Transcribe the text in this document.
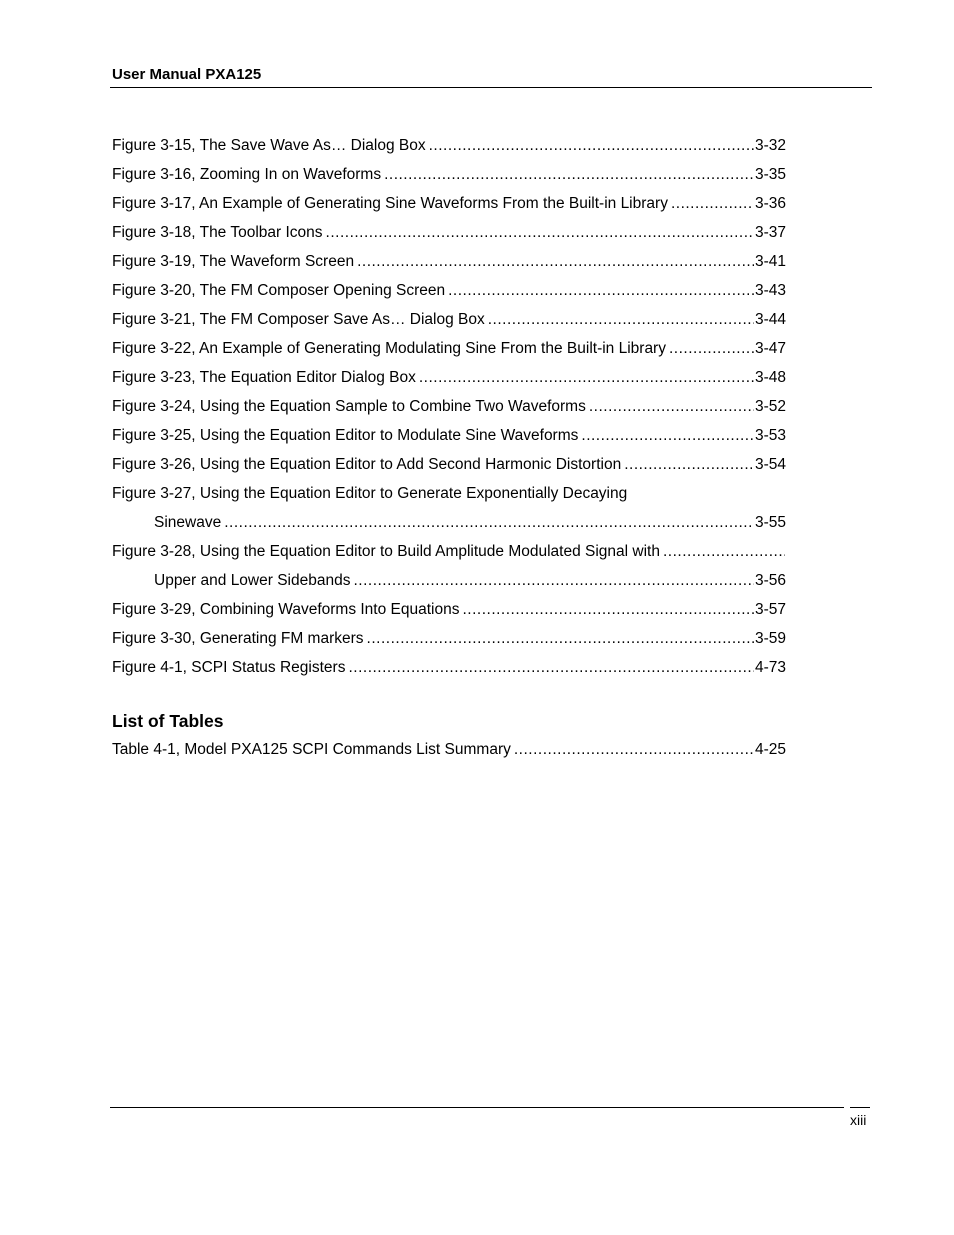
User Manual PXA125
Figure 3-15, The Save Wave As… Dialog Box .....	3-32
Figure 3-16, Zooming In on Waveforms .....	3-35
Figure 3-17, An Example of Generating Sine Waveforms From the Built-in Library .....	3-36
Figure 3-18, The Toolbar Icons .....	3-37
Figure 3-19, The Waveform Screen .....	3-41
Figure 3-20, The FM Composer Opening Screen .....	3-43
Figure 3-21, The FM Composer Save As… Dialog Box .....	3-44
Figure 3-22, An Example of Generating Modulating Sine From the Built-in Library .....	3-47
Figure 3-23, The Equation Editor Dialog Box .....	3-48
Figure 3-24, Using the Equation Sample to Combine Two Waveforms .....	3-52
Figure 3-25, Using the Equation Editor to Modulate Sine Waveforms .....	3-53
Figure 3-26, Using the Equation Editor to Add Second Harmonic Distortion .....	3-54
Figure 3-27, Using the Equation Editor to Generate Exponentially Decaying
Sinewave .....	3-55
Figure 3-28, Using the Equation Editor to Build Amplitude Modulated Signal with
.....
Upper and Lower Sidebands .....	3-56
Figure 3-29, Combining Waveforms Into Equations .....	3-57
Figure 3-30, Generating FM markers .....	3-59
Figure 4-1, SCPI Status Registers .....	4-73
List of Tables
Table 4-1, Model PXA125 SCPI Commands List Summary .....	4-25
xiii
